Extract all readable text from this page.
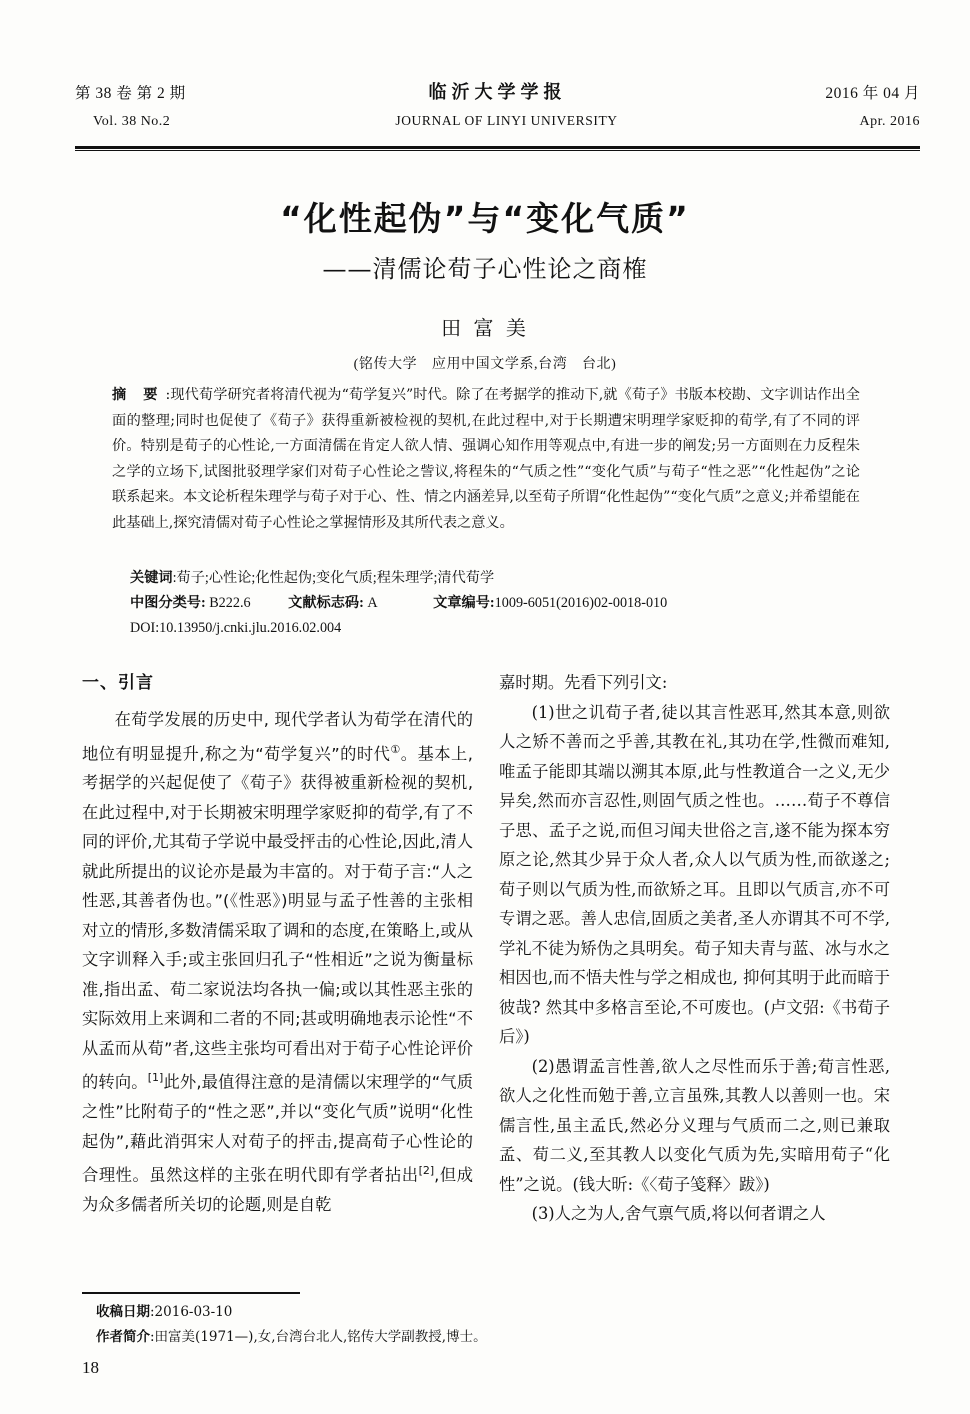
第 38 卷 第 2 期	临沂大学学报	2016 年 04 月
Vol. 38 No.2	JOURNAL OF LINYI UNIVERSITY	Apr. 2016
“化性起伪”与“变化气质”
——清儒论荀子心性论之商榷
田 富 美
(铭传大学　应用中国文学系,台湾　台北)
摘 要 :现代荀学研究者将清代视为“荀学复兴”时代。除了在考据学的推动下,就《荀子》书版本校勘、文字训诂作出全面的整理;同时也促使了《荀子》获得重新被检视的契机,在此过程中,对于长期遭宋明理学家贬抑的荀学,有了不同的评价。特别是荀子的心性论,一方面清儒在肯定人欲人情、强调心知作用等观点中,有进一步的阐发;另一方面则在力反程朱之学的立场下,试图批驳理学家们对荀子心性论之訾议,将程朱的“气质之性”“变化气质”与荀子“性之恶”“化性起伪”之论联系起来。本文论析程朱理学与荀子对于心、性、情之内涵差异,以至荀子所谓“化性起伪”“变化气质”之意义;并希望能在此基础上,探究清儒对荀子心性论之掌握情形及其所代表之意义。
关键词:荀子;心性论;化性起伪;变化气质;程朱理学;清代荀学
中图分类号: B222.6	文献标志码: A	文章编号:1009-6051(2016)02-0018-010
DOI:10.13950/j.cnki.jlu.2016.02.004
一、引言

在荀学发展的历史中, 现代学者认为荀学在清代的地位有明显提升,称之为“荀学复兴”的时代①。基本上,考据学的兴起促使了《荀子》获得被重新检视的契机,在此过程中,对于长期被宋明理学家贬抑的荀学,有了不同的评价,尤其荀子学说中最受抨击的心性论,因此,清人就此所提出的议论亦是最为丰富的。对于荀子言:“人之性恶,其善者伪也。”(《性恶》)明显与孟子性善的主张相对立的情形,多数清儒采取了调和的态度,在策略上,或从文字训释入手;或主张回归孔子“性相近”之说为衡量标准,指出孟、荀二家说法均各执一偏;或以其性恶主张的实际效用上来调和二者的不同;甚或明确地表示论性“不从孟而从荀”者,这些主张均可看出对于荀子心性论评价的转向。[1]此外,最值得注意的是清儒以宋理学的“气质之性”比附荀子的“性之恶”,并以“变化气质”说明“化性起伪”,藉此消弭宋人对荀子的抨击,提高荀子心性论的合理性。虽然这样的主张在明代即有学者拈出[2],但成为众多儒者所关切的论题,则是自乾

嘉时期。先看下列引文:

(1)世之讥荀子者,徒以其言性恶耳,然其本意,则欲人之矫不善而之乎善,其教在礼,其功在学,性微而难知,唯孟子能即其端以溯其本原,此与性教道合一之义,无少异矣,然而亦言忍性,则固气质之性也。……荀子不尊信子思、孟子之说,而但习闻夫世俗之言,遂不能为探本穷原之论,然其少异于众人者,众人以气质为性,而欲遂之;荀子则以气质为性,而欲矫之耳。且即以气质言,亦不可专谓之恶。善人忠信,固质之美者,圣人亦谓其不可不学,学礼不徒为矫伪之具明矣。荀子知夫青与蓝、冰与水之相因也,而不悟夫性与学之相成也, 抑何其明于此而暗于彼哉? 然其中多格言至论,不可废也。(卢文弨:《书荀子后》)

(2)愚谓孟言性善,欲人之尽性而乐于善;荀言性恶,欲人之化性而勉于善,立言虽殊,其教人以善则一也。宋儒言性,虽主孟氏,然必分义理与气质而二之,则已兼取孟、荀二义,至其教人以变化气质为先,实暗用荀子“化性”之说。(钱大昕:《〈荀子笺释〉跋》)

(3)人之为人,舍气禀气质,将以何者谓之人

收稿日期:2016-03-10
作者简介:田富美(1971—),女,台湾台北人,铭传大学副教授,博士。
18
